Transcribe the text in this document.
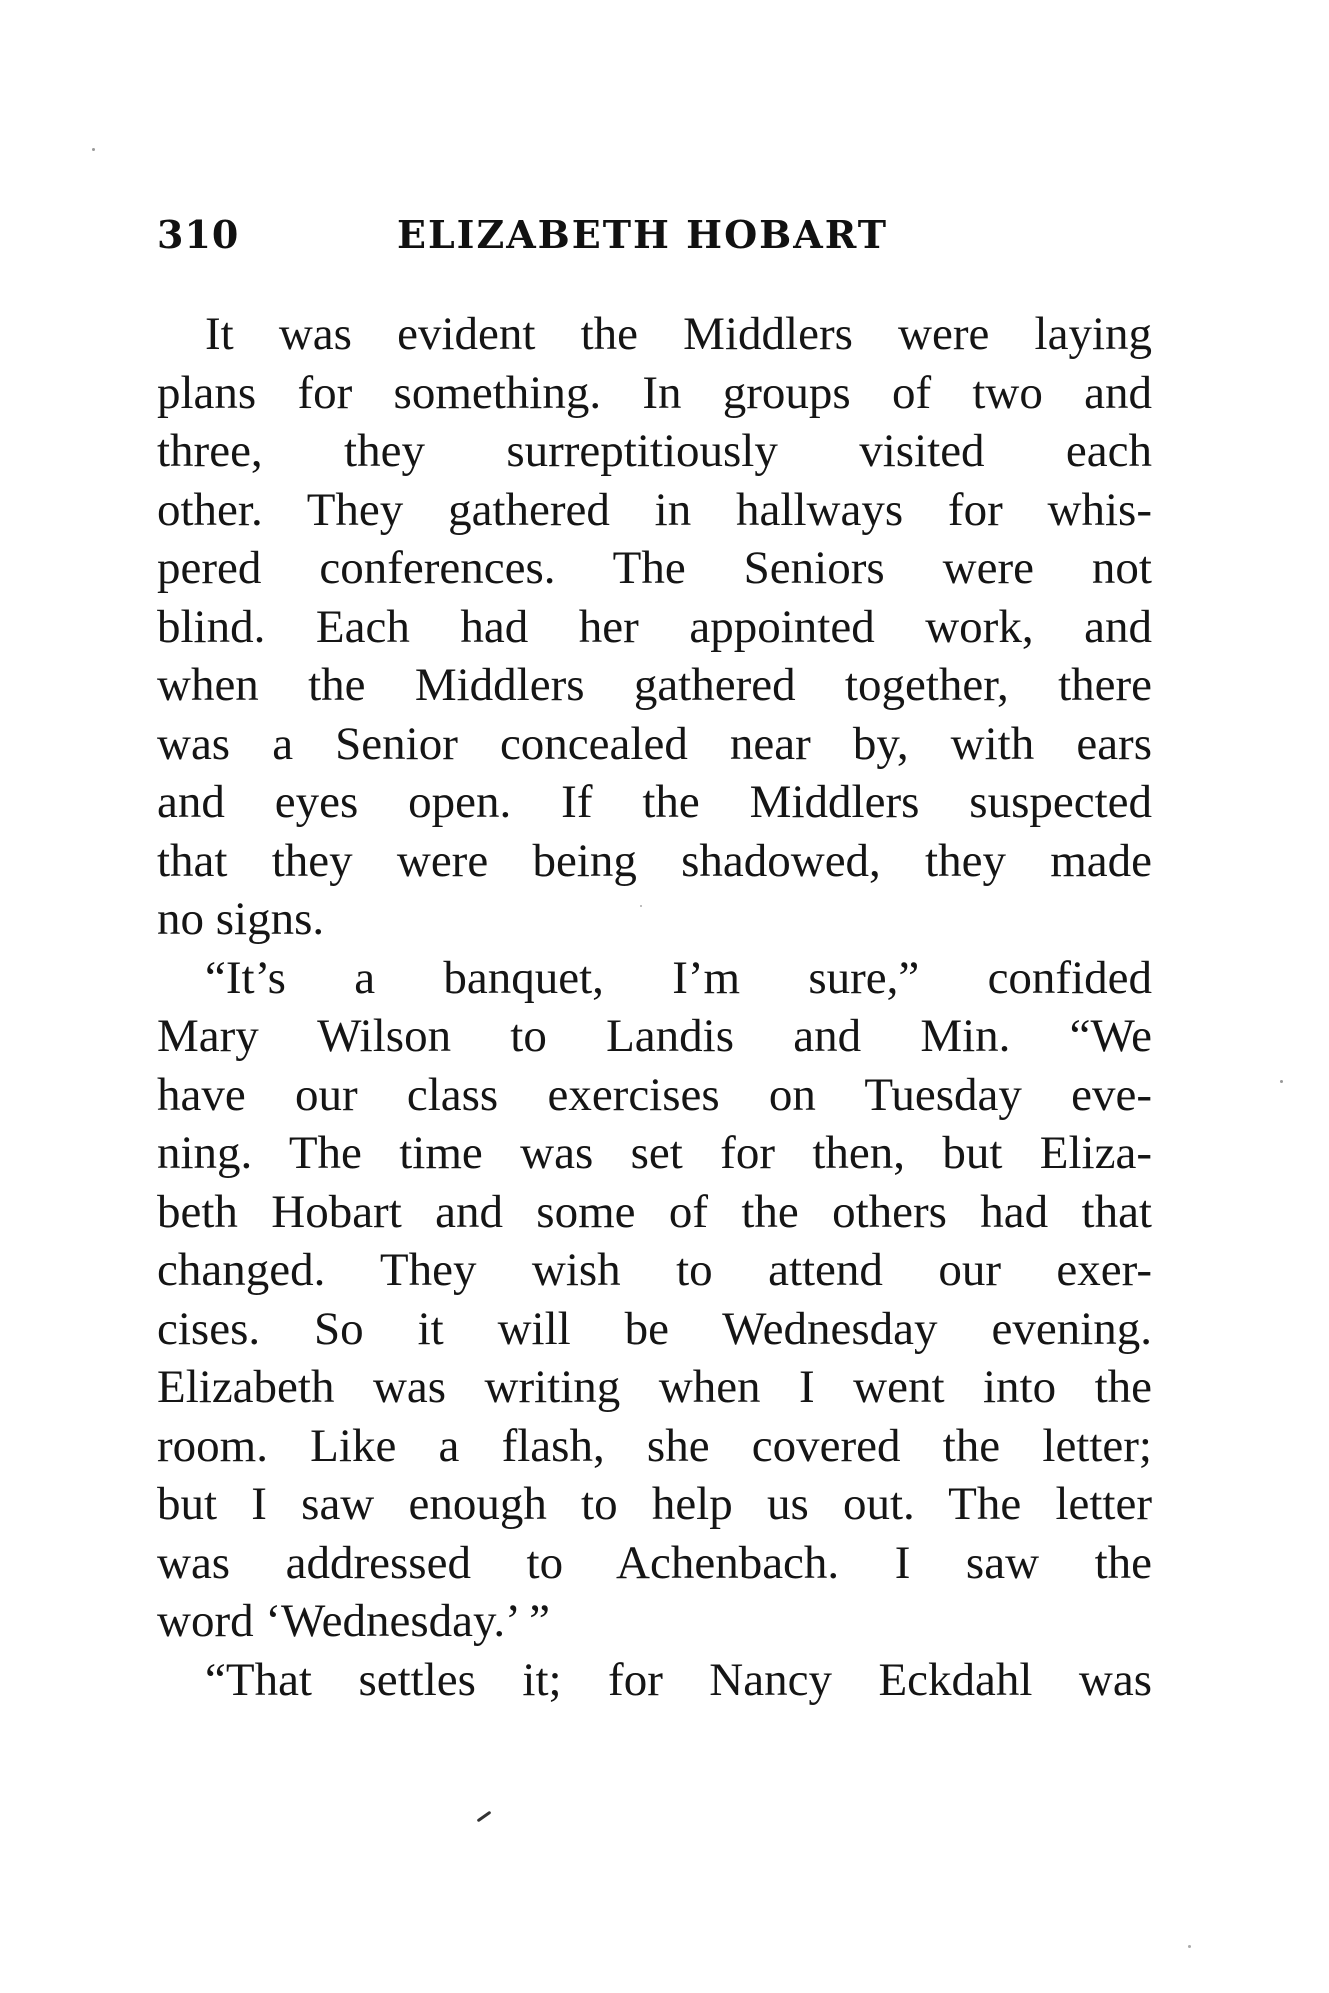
310	ELIZABETH HOBART
It was evident the Middlers were laying
plans for something. In groups of two and
three, they surreptitiously visited each
other. They gathered in hallways for whis-
pered conferences. The Seniors were not
blind. Each had her appointed work, and
when the Middlers gathered together, there
was a Senior concealed near by, with ears
and eyes open. If the Middlers suspected
that they were being shadowed, they made
no signs.
“It’s a banquet, I’m sure,” confided
Mary Wilson to Landis and Min. “We
have our class exercises on Tuesday eve-
ning. The time was set for then, but Eliza-
beth Hobart and some of the others had that
changed. They wish to attend our exer-
cises. So it will be Wednesday evening.
Elizabeth was writing when I went into the
room. Like a flash, she covered the letter;
but I saw enough to help us out. The letter
was addressed to Achenbach. I saw the
word ‘Wednesday.’ ”
“That settles it; for Nancy Eckdahl was
